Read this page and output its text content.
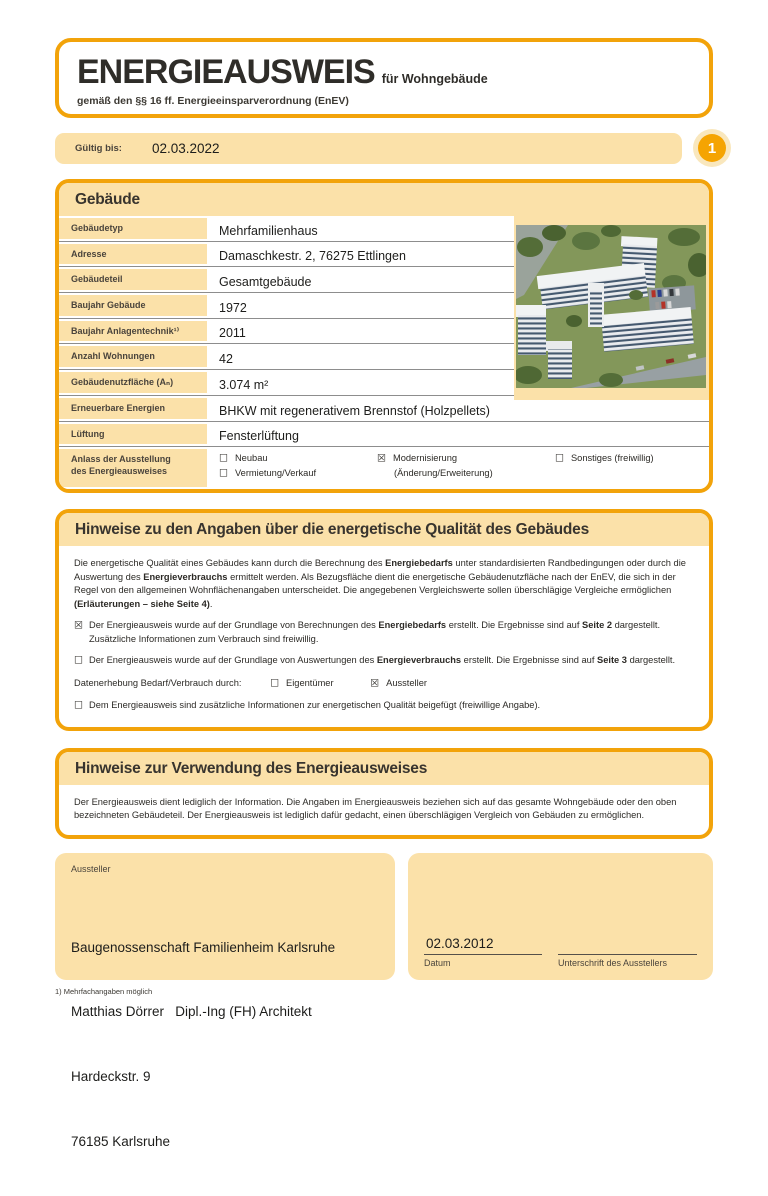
ENERGIEAUSWEIS für Wohngebäude
gemäß den §§ 16 ff. Energieeinsparverordnung (EnEV)
Gültig bis: 02.03.2022	1
Gebäude
Gebäudetyp	Mehrfamilienhaus
Adresse	Damaschkestr. 2, 76275 Ettlingen
Gebäudeteil	Gesamtgebäude
Baujahr Gebäude	1972
Baujahr Anlagentechnik¹⁾	2011
Anzahl Wohnungen	42
Gebäudenutzfläche (Aₙ)	3.074 m²
Erneuerbare Energien	BHKW mit regenerativem Brennstof (Holzpellets)
Lüftung	Fensterlüftung
Anlass der Ausstellung
des Energieausweises
☐ Neubau
☐ Vermietung/Verkauf
☒ Modernisierung
(Änderung/Erweiterung)
☐ Sonstiges (freiwillig)
Hinweise zu den Angaben über die energetische Qualität des Gebäudes

Die energetische Qualität eines Gebäudes kann durch die Berechnung des Energiebedarfs unter standardisierten Randbedingungen oder durch die Auswertung des Energieverbrauchs ermittelt werden. Als Bezugsfläche dient die energetische Gebäudenutzfläche nach der EnEV, die sich in der Regel von den allgemeinen Wohnflächenangaben unterscheidet. Die angegebenen Vergleichswerte sollen überschlägige Vergleiche ermöglichen (Erläuterungen – siehe Seite 4).

☒ Der Energieausweis wurde auf der Grundlage von Berechnungen des Energiebedarfs erstellt. Die Ergebnisse sind auf Seite 2 dargestellt. Zusätzliche Informationen zum Verbrauch sind freiwillig.
☐ Der Energieausweis wurde auf der Grundlage von Auswertungen des Energieverbrauchs erstellt. Die Ergebnisse sind auf Seite 3 dargestellt.
Datenerhebung Bedarf/Verbrauch durch:	☐ Eigentümer	☒ Aussteller
☐ Dem Energieausweis sind zusätzliche Informationen zur energetischen Qualität beigefügt (freiwillige Angabe).
Hinweise zur Verwendung des Energieausweises

Der Energieausweis dient lediglich der Information. Die Angaben im Energieausweis beziehen sich auf das gesamte Wohngebäude oder den oben bezeichneten Gebäudeteil. Der Energieausweis ist lediglich dafür gedacht, einen überschlägigen Vergleich von Gebäuden zu ermöglichen.

Aussteller

Baugenossenschaft Familienheim Karlsruhe

Matthias Dörrer   Dipl.-Ing (FH) Architekt

Hardeckstr. 9

76185 Karlsruhe

02.03.2012
Datum	Unterschrift des Ausstellers
1) Mehrfachangaben möglich
